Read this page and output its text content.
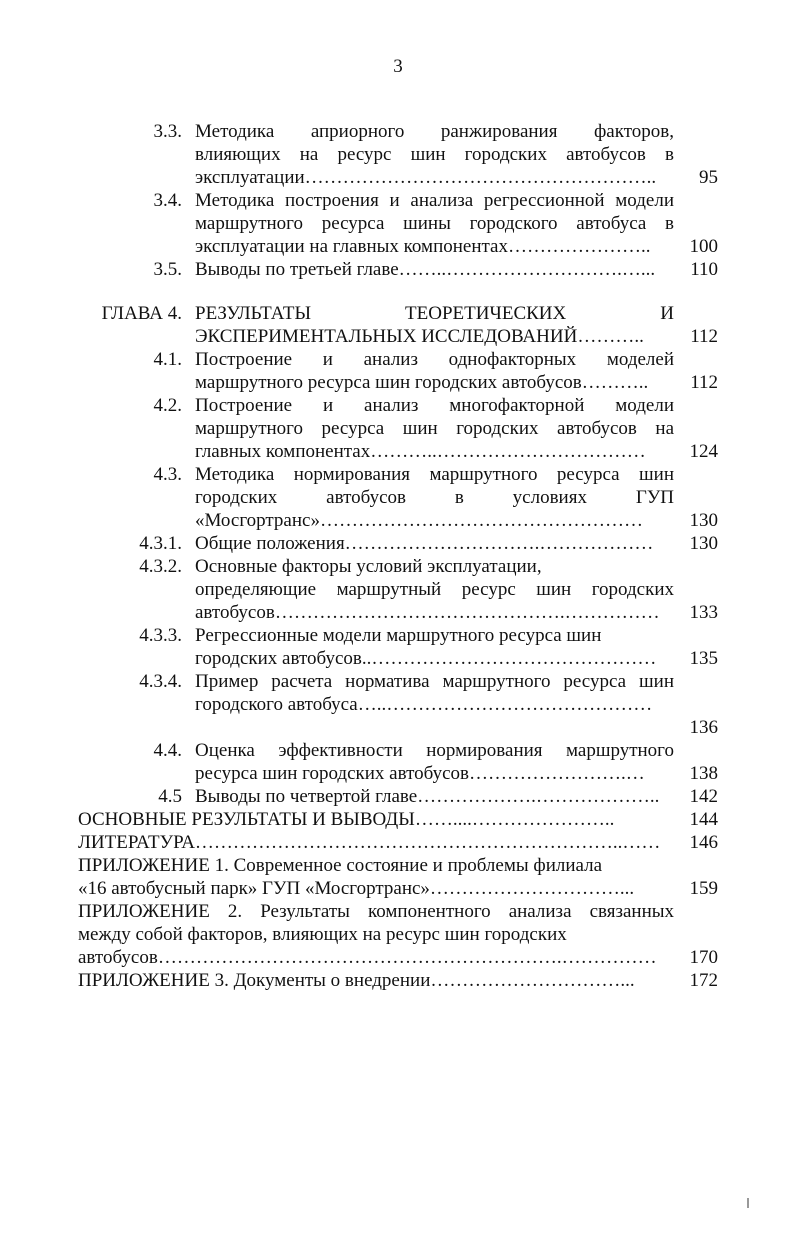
3
3.3. Методика априорного ранжирования факторов,
влияющих на ресурс шин городских автобусов в
эксплуатации………………………………………………..	95
3.4. Методика построения и анализа регрессионной модели
маршрутного ресурса шины городского автобуса в
эксплуатации на главных компонентах…………………..	100
3.5. Выводы по третьей главе……..……………………….…...	110
ГЛАВА 4. РЕЗУЛЬТАТЫ ТЕОРЕТИЧЕСКИХ И
ЭКСПЕРИМЕНТАЛЬНЫХ ИССЛЕДОВАНИЙ………..	112
4.1. Построение и анализ однофакторных моделей
маршрутного ресурса шин городских автобусов………..	112
4.2. Построение и анализ многофакторной модели
маршрутного ресурса шин городских автобусов на
главных компонентах………..……………………………	124
4.3. Методика нормирования маршрутного ресурса шин
городских автобусов в условиях ГУП
«Мосгортранс»……………………………………………	130
4.3.1. Общие положения………………………….………………	130
4.3.2. Основные факторы условий эксплуатации,
определяющие маршрутный ресурс шин городских
автобусов……………………………………….……………	133
4.3.3. Регрессионные модели маршрутного ресурса шин
городских автобусов..………………………………………	135
4.3.4. Пример расчета норматива маршрутного ресурса шин
городского автобуса…..……………………………………
136
4.4. Оценка эффективности нормирования маршрутного
ресурса шин городских автобусов…………………….…	138
4.5 Выводы по четвертой главе……………….………………..	142
ОСНОВНЫЕ РЕЗУЛЬТАТЫ И ВЫВОДЫ……....…………………..	144
ЛИТЕРАТУРА…………………………………………………………..……	146
ПРИЛОЖЕНИЕ 1. Современное состояние и проблемы филиала
«16 автобусный парк» ГУП «Мосгортранс»…………………………...	159
ПРИЛОЖЕНИЕ 2. Результаты компонентного анализа связанных
между собой факторов, влияющих на ресурс шин городских
автобусов……………………………………………………….……………	170
ПРИЛОЖЕНИЕ 3. Документы о внедрении…………………………...	172
